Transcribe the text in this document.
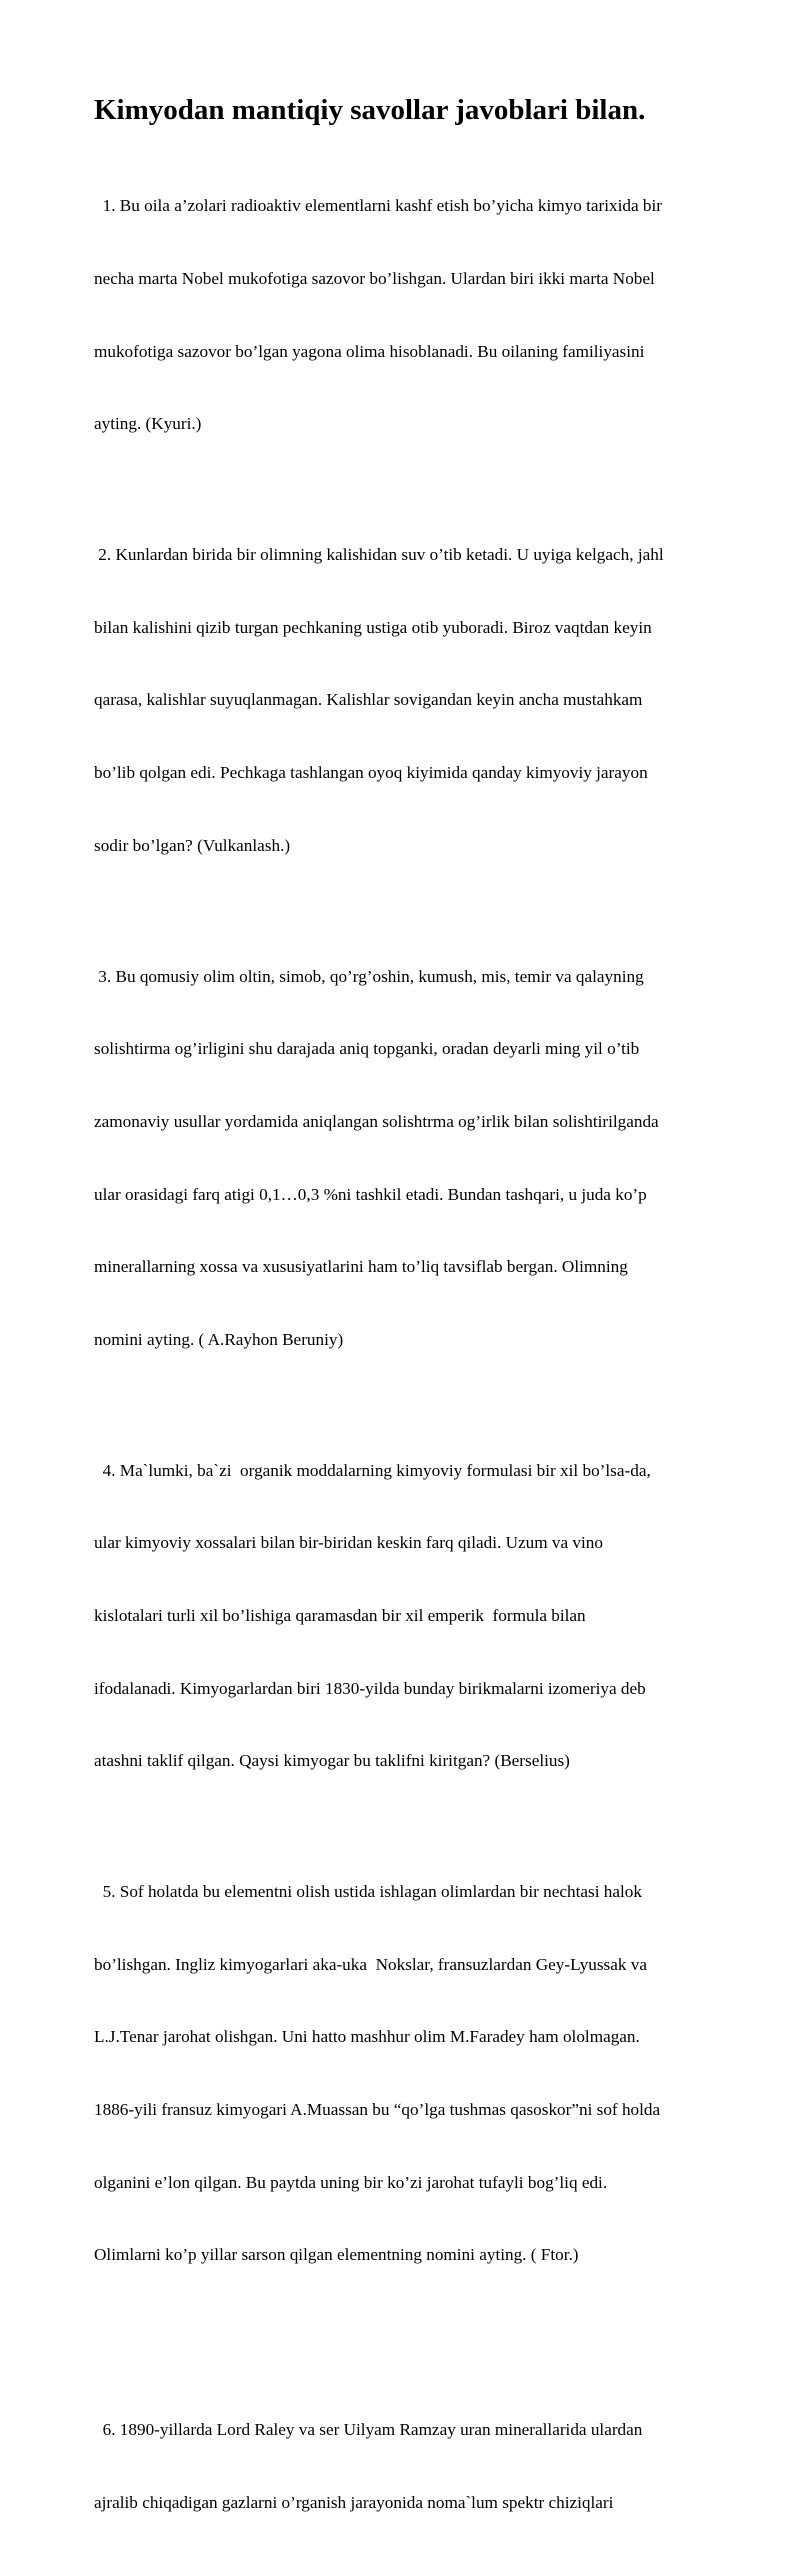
Kimyodan mantiqiy savollar javoblari bilan.

1. Bu oila a’zolari radioaktiv elementlarni kashf etish bo’yicha kimyo tarixida bir

necha marta Nobel mukofotiga sazovor bo’lishgan. Ulardan biri ikki marta Nobel

mukofotiga sazovor bo’lgan yagona olima hisoblanadi. Bu oilaning familiyasini

ayting. (Kyuri.)

2. Kunlardan birida bir olimning kalishidan suv o’tib ketadi. U uyiga kelgach, jahl

bilan kalishini qizib turgan pechkaning ustiga otib yuboradi. Biroz vaqtdan keyin

qarasa, kalishlar suyuqlanmagan. Kalishlar sovigandan keyin ancha mustahkam

bo’lib qolgan edi. Pechkaga tashlangan oyoq kiyimida qanday kimyoviy jarayon

sodir bo’lgan? (Vulkanlash.)

3. Bu qomusiy olim oltin, simob, qo’rg’oshin, kumush, mis, temir va qalayning

solishtirma og’irligini shu darajada aniq topganki, oradan deyarli ming yil o’tib

zamonaviy usullar yordamida aniqlangan solishtrma og’irlik bilan solishtirilganda

ular orasidagi farq atigi 0,1…0,3 %ni tashkil etadi. Bundan tashqari, u juda ko’p

minerallarning xossa va xususiyatlarini ham to’liq tavsiflab bergan. Olimning

nomini ayting. ( A.Rayhon Beruniy)

4. Ma`lumki, ba`zi  organik moddalarning kimyoviy formulasi bir xil bo’lsa-da,

ular kimyoviy xossalari bilan bir-biridan keskin farq qiladi. Uzum va vino

kislotalari turli xil bo’lishiga qaramasdan bir xil emperik  formula bilan

ifodalanadi. Kimyogarlardan biri 1830-yilda bunday birikmalarni izomeriya deb

atashni taklif qilgan. Qaysi kimyogar bu taklifni kiritgan? (Berselius)

5. Sof holatda bu elementni olish ustida ishlagan olimlardan bir nechtasi halok

bo’lishgan. Ingliz kimyogarlari aka-uka  Nokslar, fransuzlardan Gey-Lyussak va

L.J.Tenar jarohat olishgan. Uni hatto mashhur olim M.Faradey ham ololmagan.

1886-yili fransuz kimyogari A.Muassan bu “qo’lga tushmas qasoskor”ni sof holda

olganini e’lon qilgan. Bu paytda uning bir ko’zi jarohat tufayli bog’liq edi.

Olimlarni ko’p yillar sarson qilgan elementning nomini ayting. ( Ftor.)

6. 1890-yillarda Lord Raley va ser Uilyam Ramzay uran minerallarida ulardan

ajralib chiqadigan gazlarni o’rganish jarayonida noma`lum spektr chiziqlari
